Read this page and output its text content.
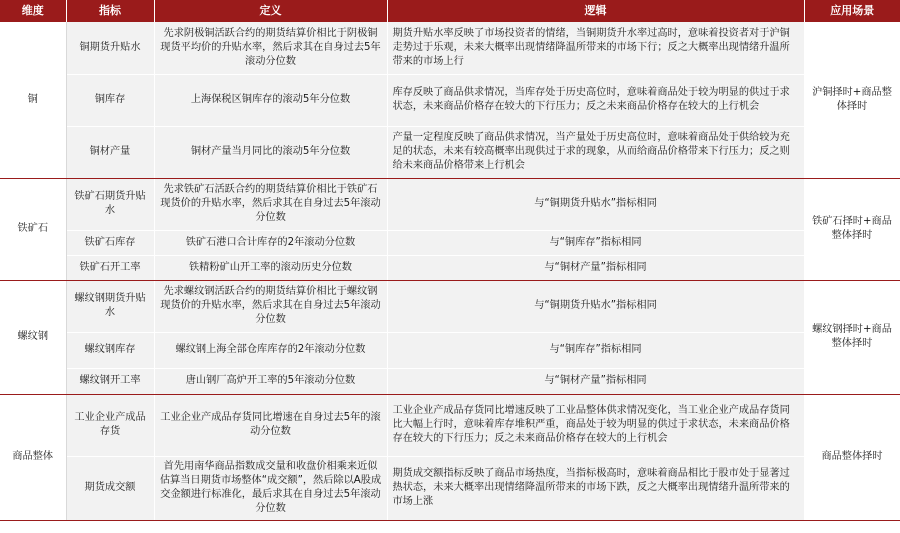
维度	指标	定义	逻辑	应用场景
铜	铜期货升贴水	先求阴极铜活跃合约的期货结算价相比于阴极铜现货平均价的升贴水率，然后求其在自身过去5年滚动分位数	期货升贴水率反映了市场投资者的情绪，当铜期货升水率过高时，意味着投资者对于沪铜走势过于乐观，未来大概率出现情绪降温所带来的市场下行；反之大概率出现情绪升温所带来的市场上行	沪铜择时+商品整体择时
	铜库存	上海保税区铜库存的滚动5年分位数	库存反映了商品供求情况，当库存处于历史高位时，意味着商品处于较为明显的供过于求状态，未来商品价格存在较大的下行压力；反之未来商品价格存在较大的上行机会	
	铜材产量	铜材产量当月同比的滚动5年分位数	产量一定程度反映了商品供求情况，当产量处于历史高位时，意味着商品处于供给较为充足的状态，未来有较高概率出现供过于求的现象，从而给商品价格带来下行压力；反之则给未来商品价格带来上行机会	
铁矿石	铁矿石期货升贴水	先求铁矿石活跃合约的期货结算价相比于铁矿石现货价的升贴水率，然后求其在自身过去5年滚动分位数	与“铜期货升贴水”指标相同	铁矿石择时+商品整体择时
	铁矿石库存	铁矿石港口合计库存的2年滚动分位数	与“铜库存”指标相同	
	铁矿石开工率	铁精粉矿山开工率的滚动历史分位数	与“铜材产量”指标相同	
螺纹钢	螺纹钢期货升贴水	先求螺纹钢活跃合约的期货结算价相比于螺纹钢现货价的升贴水率，然后求其在自身过去5年滚动分位数	与“铜期货升贴水”指标相同	螺纹钢择时+商品整体择时
	螺纹钢库存	螺纹钢上海全部仓库库存的2年滚动分位数	与“铜库存”指标相同	
	螺纹钢开工率	唐山钢厂高炉开工率的5年滚动分位数	与“铜材产量”指标相同	
商品整体	工业企业产成品存货	工业企业产成品存货同比增速在自身过去5年的滚动分位数	工业企业产成品存货同比增速反映了工业品整体供求情况变化，当工业企业产成品存货同比大幅上行时，意味着库存堆积严重，商品处于较为明显的供过于求状态，未来商品价格存在较大的下行压力；反之未来商品价格存在较大的上行机会	商品整体择时
	期货成交额	首先用南华商品指数成交量和收盘价相乘来近似估算当日期货市场整体“成交额”，然后除以A股成交金额进行标准化，最后求其在自身过去5年滚动分位数	期货成交额指标反映了商品市场热度，当指标极高时，意味着商品相比于股市处于显著过热状态，未来大概率出现情绪降温所带来的市场下跌，反之大概率出现情绪升温所带来的市场上涨	
